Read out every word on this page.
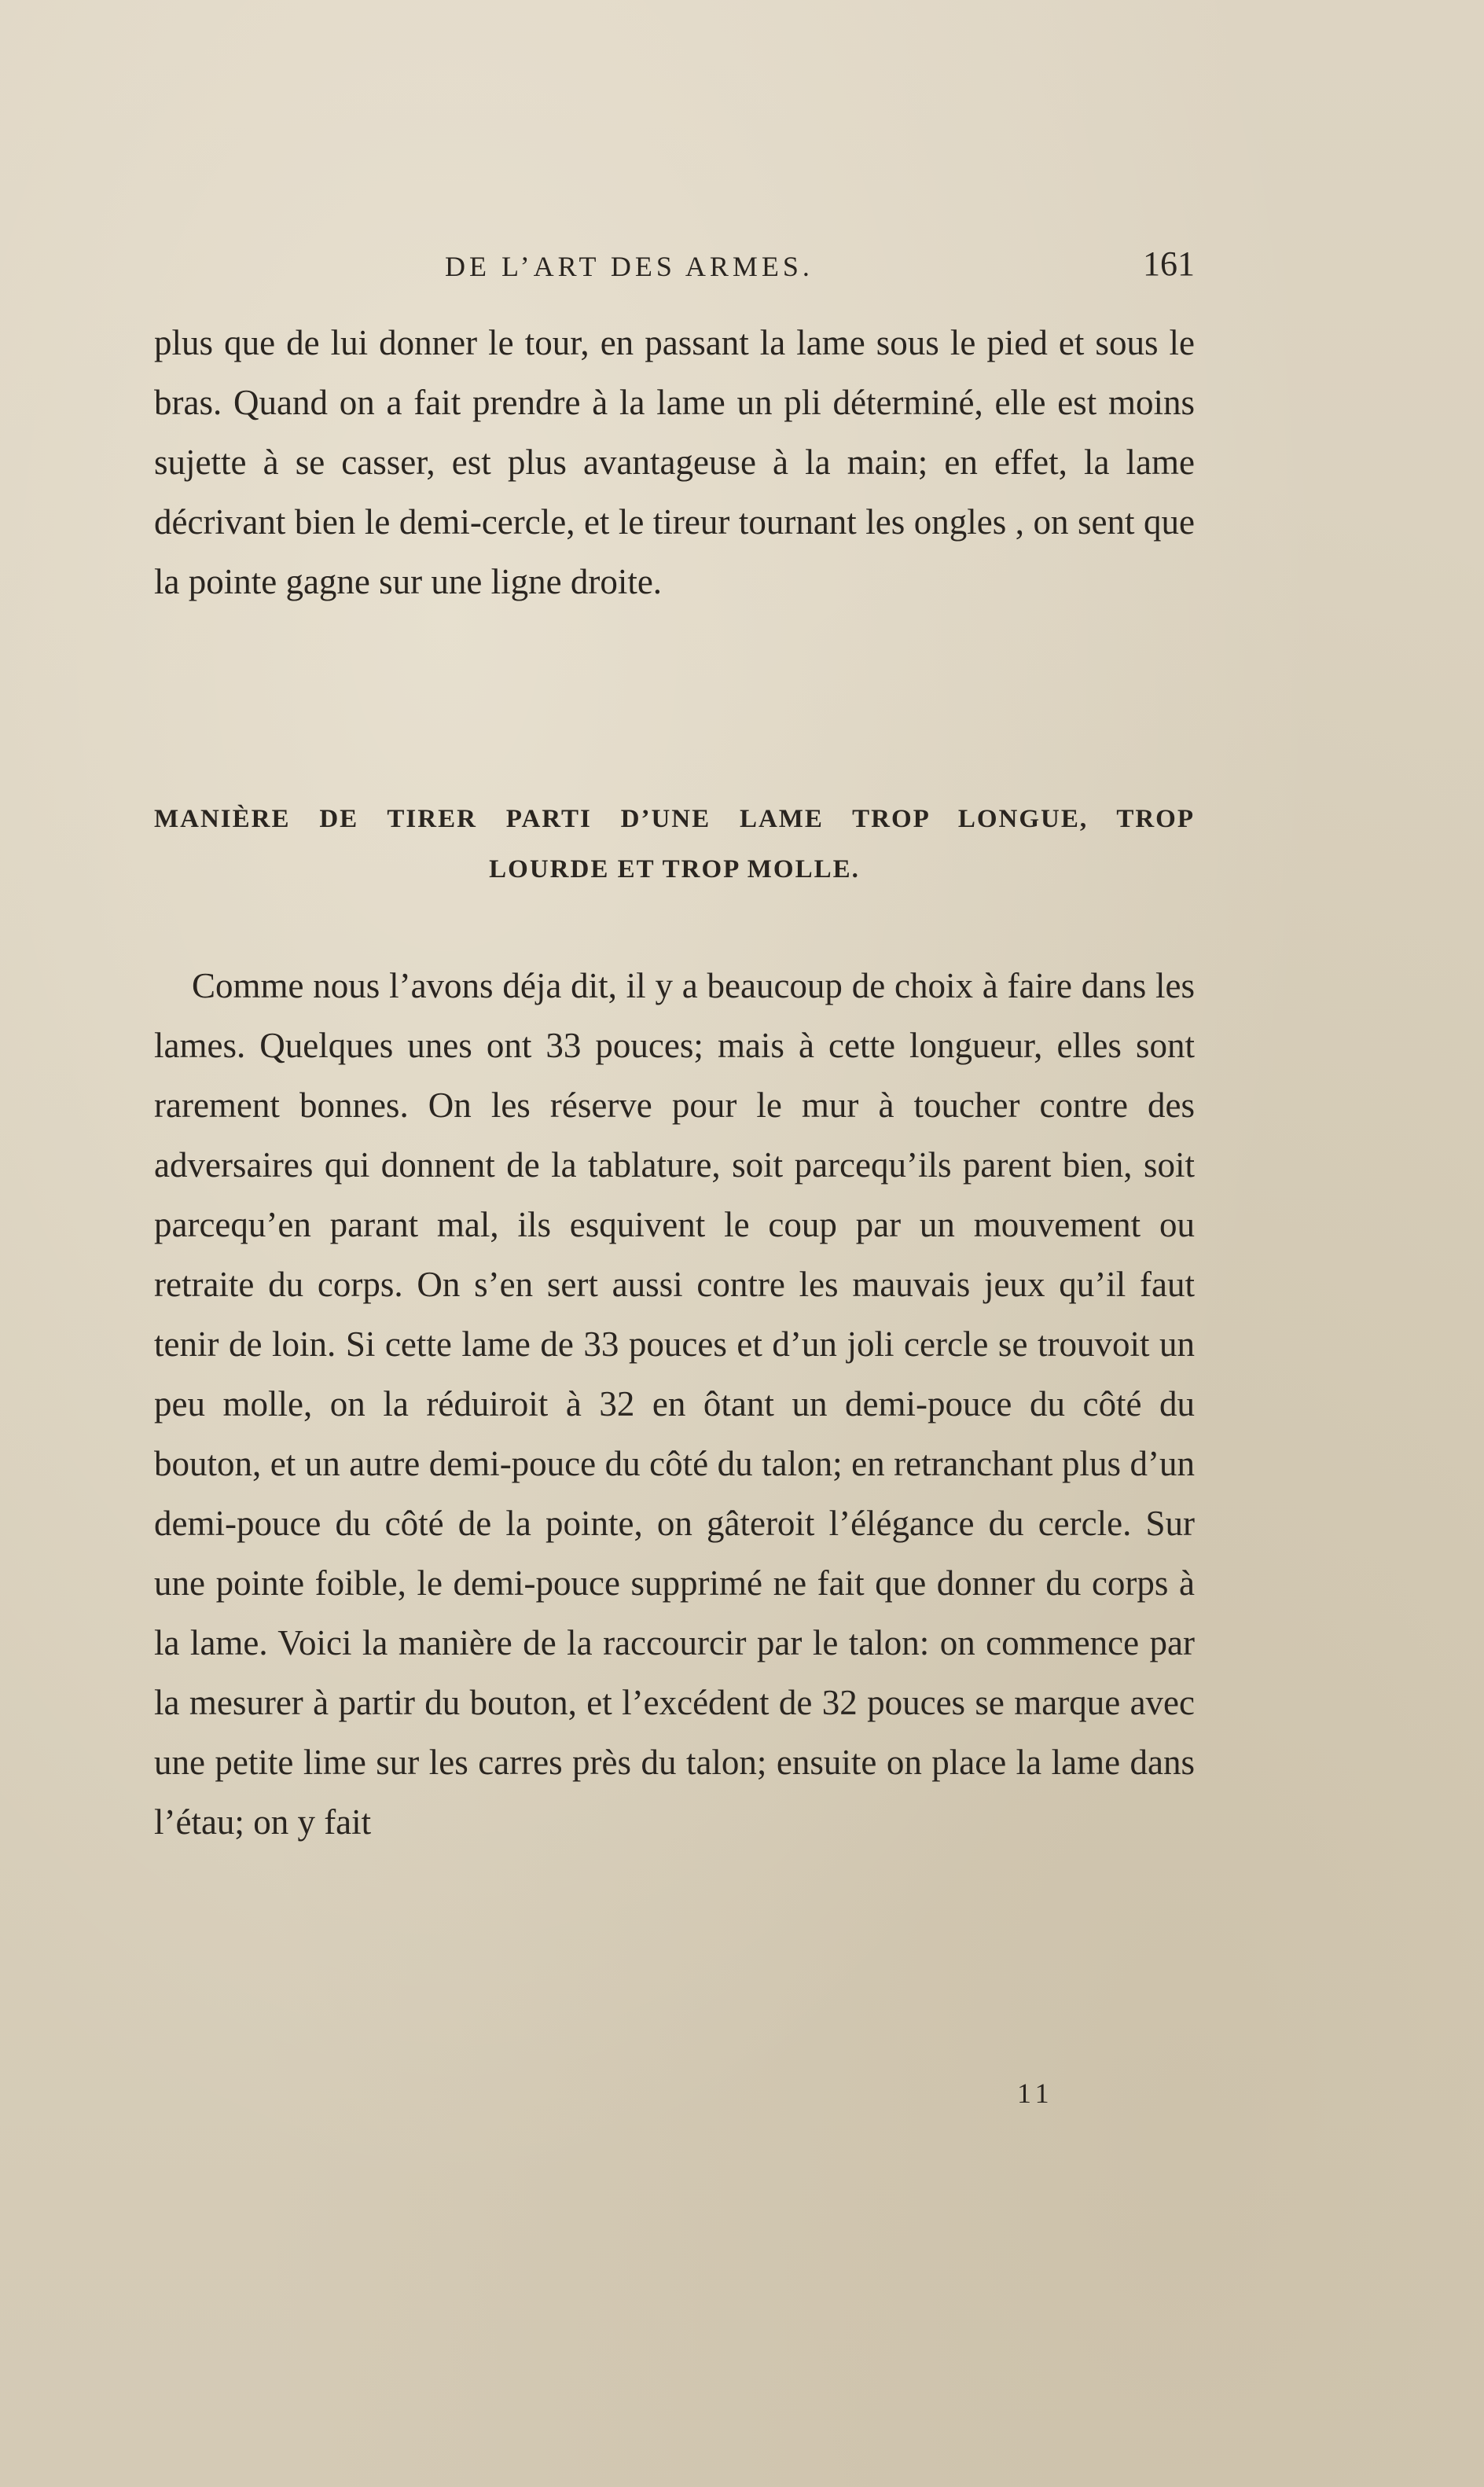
DE L’ART DES ARMES.	161

plus que de lui donner le tour, en passant la lame sous le pied et sous le bras. Quand on a fait prendre à la lame un pli déterminé, elle est moins sujette à se casser, est plus avantageuse à la main; en effet, la lame décrivant bien le demi-cercle, et le tireur tournant les ongles , on sent que la pointe gagne sur une ligne droite.

MANIÈRE DE TIRER PARTI D’UNE LAME TROP LONGUE, TROP
LOURDE ET TROP MOLLE.

Comme nous l’avons déja dit, il y a beaucoup de choix à faire dans les lames. Quelques unes ont 33 pouces; mais à cette longueur, elles sont rarement bonnes. On les réserve pour le mur à toucher contre des adversaires qui donnent de la tablature, soit parcequ’ils parent bien, soit parcequ’en parant mal, ils esquivent le coup par un mouvement ou retraite du corps. On s’en sert aussi contre les mauvais jeux qu’il faut tenir de loin. Si cette lame de 33 pouces et d’un joli cercle se trouvoit un peu molle, on la réduiroit à 32 en ôtant un demi-pouce du côté du bouton, et un autre demi-pouce du côté du talon; en retranchant plus d’un demi-pouce du côté de la pointe, on gâteroit l’élégance du cercle. Sur une pointe foible, le demi-pouce supprimé ne fait que donner du corps à la lame. Voici la manière de la raccourcir par le talon: on commence par la mesurer à partir du bouton, et l’excédent de 32 pouces se marque avec une petite lime sur les carres près du talon; ensuite on place la lame dans l’étau; on y fait

11
